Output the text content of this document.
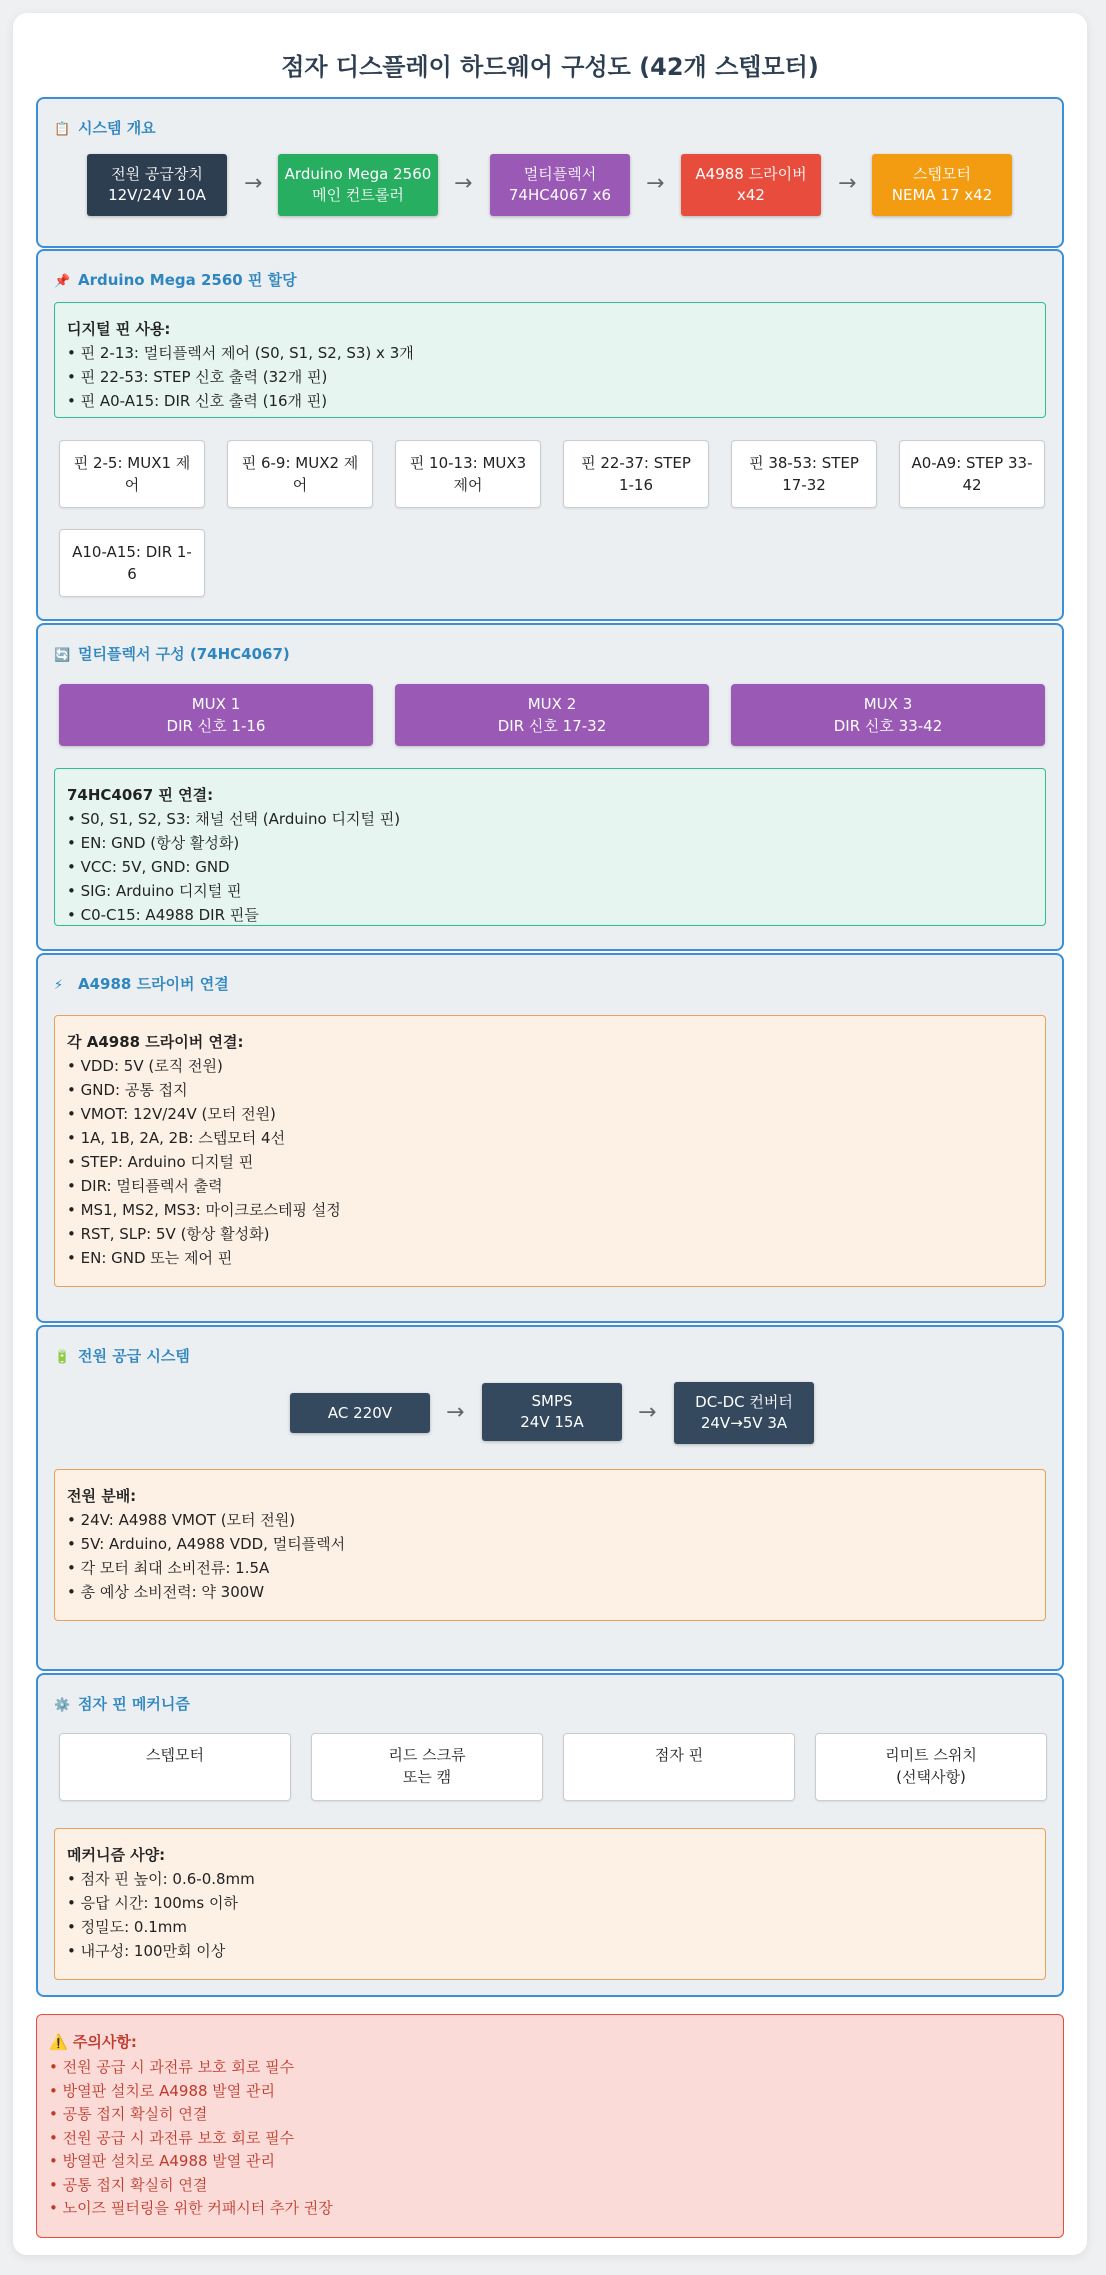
점자 디스플레이 하드웨어 구성도 (42개 스텝모터)
📋 시스템 개요
전원 공급장치
12V/24V 10A	→	Arduino Mega 2560
메인 컨트롤러	→	멀티플렉서
74HC4067 x6	→	A4988 드라이버
x42	→	스텝모터
NEMA 17 x42
📌 Arduino Mega 2560 핀 할당
디지털 핀 사용:
• 핀 2-13: 멀티플렉서 제어 (S0, S1, S2, S3) x 3개
• 핀 22-53: STEP 신호 출력 (32개 핀)
• 핀 A0-A15: DIR 신호 출력 (16개 핀)
핀 2-5: MUX1 제어
핀 6-9: MUX2 제어
핀 10-13: MUX3 제어
핀 22-37: STEP 1-16
핀 38-53: STEP 17-32
A0-A9: STEP 33-42
A10-A15: DIR 1-6
🔄 멀티플렉서 구성 (74HC4067)
MUX 1
DIR 신호 1-16
MUX 2
DIR 신호 17-32
MUX 3
DIR 신호 33-42
74HC4067 핀 연결:
• S0, S1, S2, S3: 채널 선택 (Arduino 디지털 핀)
• EN: GND (항상 활성화)
• VCC: 5V, GND: GND
• SIG: Arduino 디지털 핀
• C0-C15: A4988 DIR 핀들
⚡ A4988 드라이버 연결
각 A4988 드라이버 연결:
• VDD: 5V (로직 전원)
• GND: 공통 접지
• VMOT: 12V/24V (모터 전원)
• 1A, 1B, 2A, 2B: 스텝모터 4선
• STEP: Arduino 디지털 핀
• DIR: 멀티플렉서 출력
• MS1, MS2, MS3: 마이크로스테핑 설정
• RST, SLP: 5V (항상 활성화)
• EN: GND 또는 제어 핀
🔋 전원 공급 시스템
AC 220V	→	SMPS
24V 15A	→	DC-DC 컨버터
24V→5V 3A
전원 분배:
• 24V: A4988 VMOT (모터 전원)
• 5V: Arduino, A4988 VDD, 멀티플렉서
• 각 모터 최대 소비전류: 1.5A
• 총 예상 소비전력: 약 300W
⚙️ 점자 핀 메커니즘
스텝모터	리드 스크류
또는 캠
점자 핀	리미트 스위치
(선택사항)
메커니즘 사양:
• 점자 핀 높이: 0.6-0.8mm
• 응답 시간: 100ms 이하
• 정밀도: 0.1mm
• 내구성: 100만회 이상
⚠️ 주의사항:
• 전원 공급 시 과전류 보호 회로 필수
• 방열판 설치로 A4988 발열 관리
• 공통 접지 확실히 연결
• 전원 공급 시 과전류 보호 회로 필수
• 방열판 설치로 A4988 발열 관리
• 공통 접지 확실히 연결
• 노이즈 필터링을 위한 커패시터 추가 권장
